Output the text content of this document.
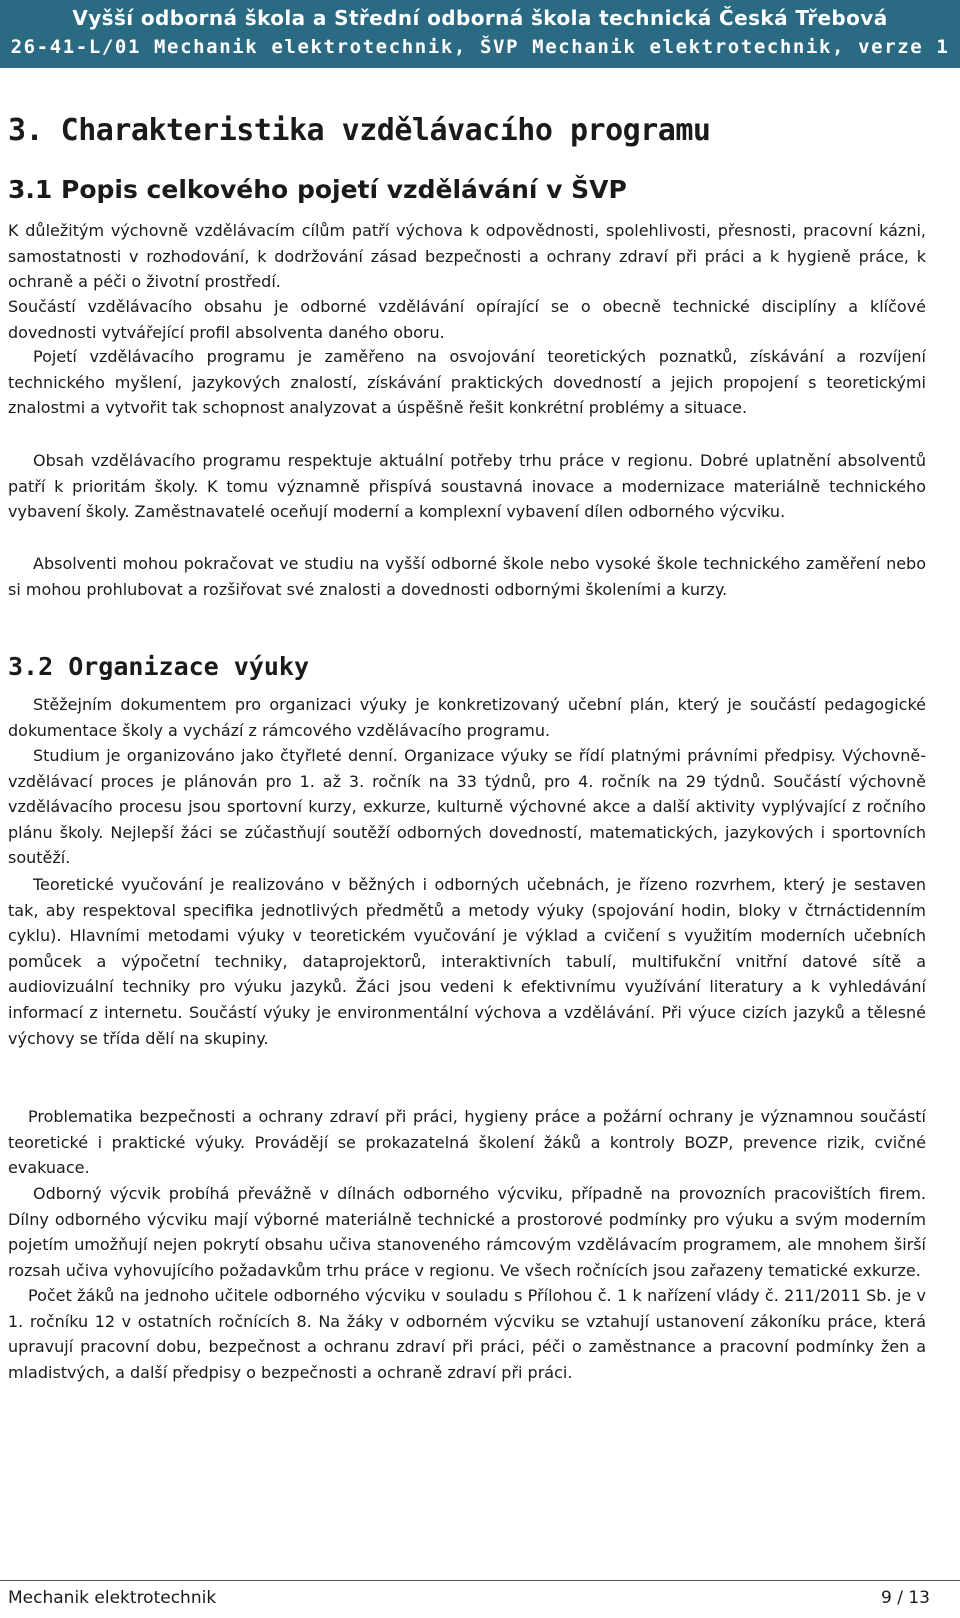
Vyšší odborná škola a Střední odborná škola technická Česká Třebová
26-41-L/01 Mechanik elektrotechnik, ŠVP Mechanik elektrotechnik, verze 1
3. Charakteristika vzdělávacího programu
3.1 Popis celkového pojetí vzdělávání v ŠVP

K důležitým výchovně vzdělávacím cílům patří výchova k odpovědnosti, spolehlivosti, přesnosti, pracovní kázni, samostatnosti v rozhodování, k dodržování zásad bezpečnosti a ochrany zdraví při práci a k hygieně práce, k ochraně a péči o životní prostředí.

Součástí vzdělávacího obsahu je odborné vzdělávání opírající se o obecně technické disciplíny a klíčové dovednosti vytvářející profil absolventa daného oboru.

Pojetí vzdělávacího programu je zaměřeno na osvojování teoretických poznatků, získávání a rozvíjení technického myšlení, jazykových znalostí, získávání praktických dovedností a jejich propojení s teoretickými znalostmi a vytvořit tak schopnost analyzovat a úspěšně řešit konkrétní problémy a situace.

Obsah vzdělávacího programu respektuje aktuální potřeby trhu práce v regionu. Dobré uplatnění absolventů patří k prioritám školy. K tomu významně přispívá soustavná inovace a modernizace materiálně technického vybavení školy. Zaměstnavatelé oceňují moderní a komplexní vybavení dílen odborného výcviku.

Absolventi mohou pokračovat ve studiu na vyšší odborné škole nebo vysoké škole technického zaměření nebo si mohou prohlubovat a rozšiřovat své znalosti a dovednosti odbornými školeními a kurzy.

3.2 Organizace výuky

Stěžejním dokumentem pro organizaci výuky je konkretizovaný učební plán, který je součástí pedagogické dokumentace školy a vychází z rámcového vzdělávacího programu.

Studium je organizováno jako čtyřleté denní. Organizace výuky se řídí platnými právními předpisy. Výchovně-vzdělávací proces je plánován pro 1. až 3. ročník na 33 týdnů, pro 4. ročník na 29 týdnů. Součástí výchovně vzdělávacího procesu jsou sportovní kurzy, exkurze, kulturně výchovné akce a další aktivity vyplývající z ročního plánu školy. Nejlepší žáci se zúčastňují soutěží odborných dovedností, matematických, jazykových i sportovních soutěží.

Teoretické vyučování je realizováno v běžných i odborných učebnách, je řízeno rozvrhem, který je sestaven tak, aby respektoval specifika jednotlivých předmětů a metody výuky (spojování hodin, bloky v čtrnáctidenním cyklu). Hlavními metodami výuky v teoretickém vyučování je výklad a cvičení s využitím moderních učebních pomůcek a výpočetní techniky, dataprojektorů, interaktivních tabulí, multifukční vnitřní datové sítě a audiovizuální techniky pro výuku jazyků. Žáci jsou vedeni k efektivnímu využívání literatury a k vyhledávání informací z internetu. Součástí výuky je environmentální výchova a vzdělávání. Při výuce cizích jazyků a tělesné výchovy se třída dělí na skupiny.

Problematika bezpečnosti a ochrany zdraví při práci, hygieny práce a požární ochrany je významnou součástí teoretické i praktické výuky. Provádějí se prokazatelná školení žáků a kontroly BOZP, prevence rizik, cvičné evakuace.

Odborný výcvik probíhá převážně v dílnách odborného výcviku, případně na provozních pracovištích firem. Dílny odborného výcviku mají výborné materiálně technické a prostorové podmínky pro výuku a svým moderním pojetím umožňují nejen pokrytí obsahu učiva stanoveného rámcovým vzdělávacím programem, ale mnohem širší rozsah učiva vyhovujícího požadavkům trhu práce v regionu. Ve všech ročnících jsou zařazeny tematické exkurze.

Počet žáků na jednoho učitele odborného výcviku v souladu s Přílohou č. 1 k nařízení vlády č. 211/2011 Sb. je v 1. ročníku 12 v ostatních ročnících 8. Na žáky v odborném výcviku se vztahují ustanovení zákoníku práce, která upravují pracovní dobu, bezpečnost a ochranu zdraví při práci, péči o zaměstnance a pracovní podmínky žen a mladistvých, a další předpisy o bezpečnosti a ochraně zdraví při práci.

Mechanik elektrotechnik	9 / 13
